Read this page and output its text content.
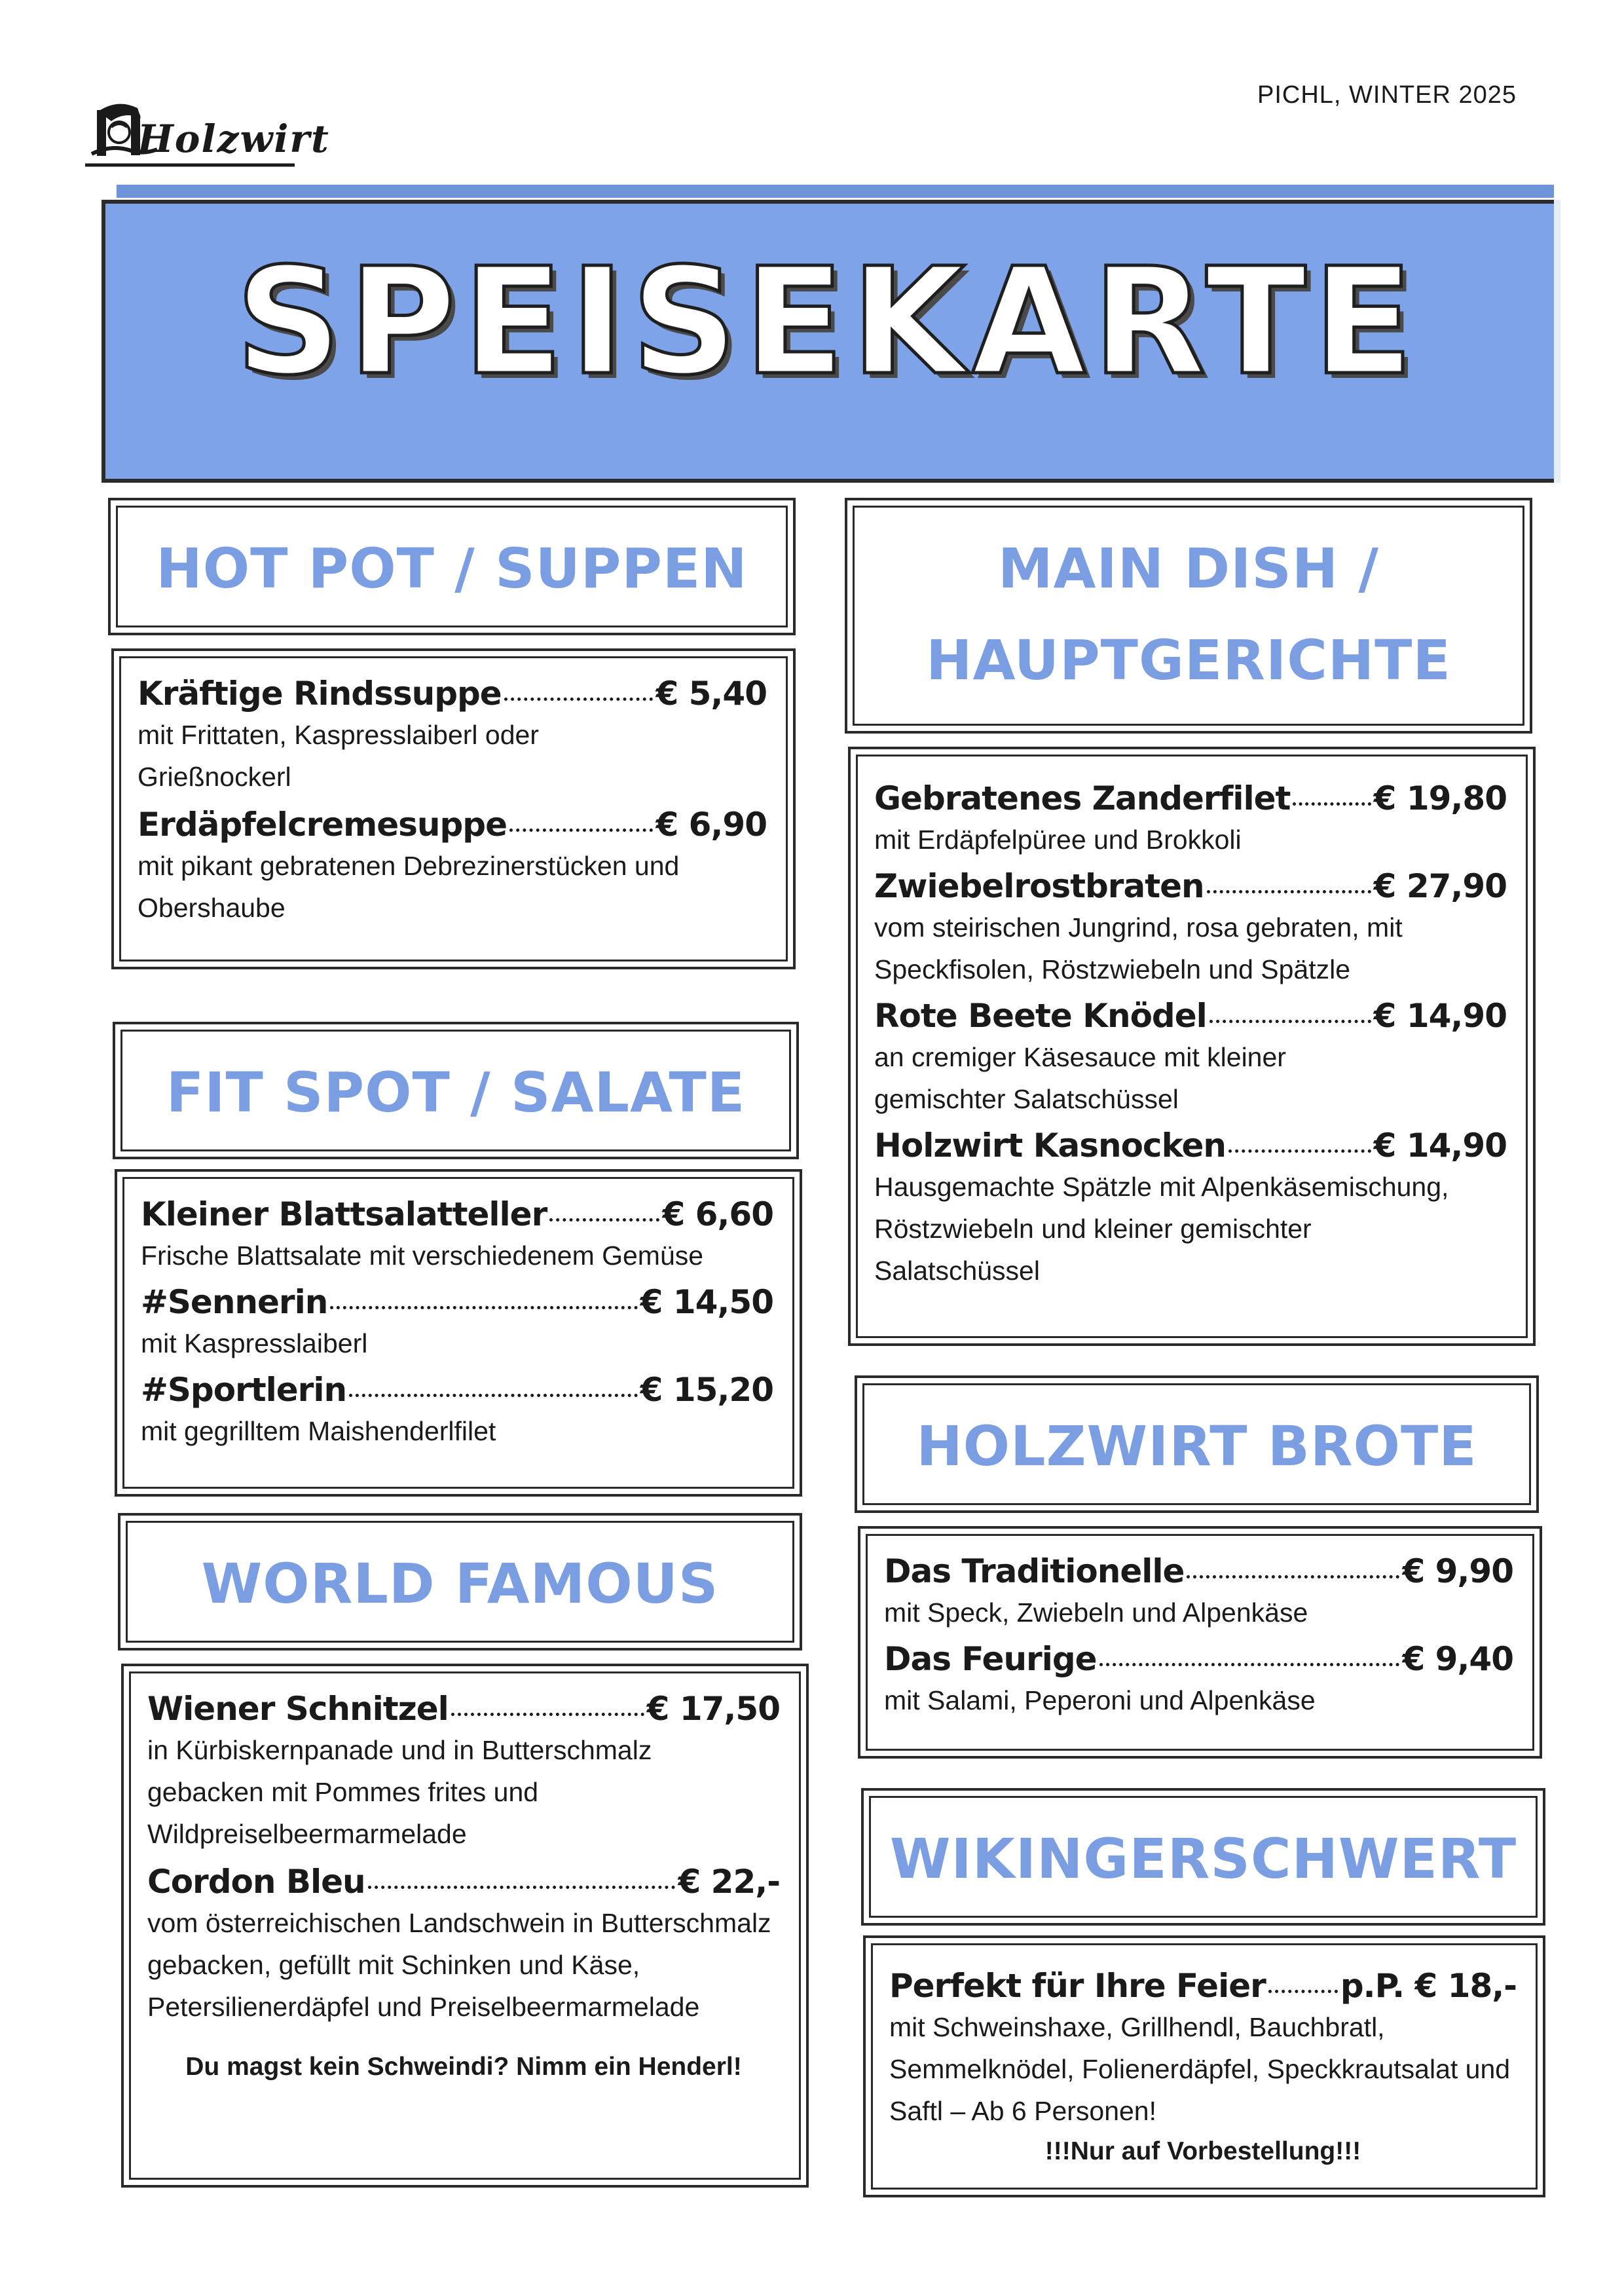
Holzwirt
PICHL, WINTER 2025
SPEISEKARTE
HOT POT / SUPPEN
Kräftige Rindssuppe	€ 5,40
mit Frittaten, Kaspresslaiberl oder Grießnockerl
Erdäpfelcremesuppe	€ 6,90
mit pikant gebratenen Debrezinerstücken und Obershaube
FIT SPOT / SALATE
Kleiner Blattsalatteller	€ 6,60
Frische Blattsalate mit verschiedenem Gemüse
#Sennerin	€ 14,50
mit Kaspresslaiberl
#Sportlerin	€ 15,20
mit gegrilltem Maishenderlfilet
WORLD FAMOUS
Wiener Schnitzel	€ 17,50
in Kürbiskernpanade und in Butterschmalz gebacken mit Pommes frites und Wildpreiselbeermarmelade
Cordon Bleu	€ 22,-
vom österreichischen Landschwein in Butterschmalz gebacken, gefüllt mit Schinken und Käse, Petersilienerdäpfel und Preiselbeermarmelade
Du magst kein Schweindi? Nimm ein Henderl!
MAIN DISH /
HAUPTGERICHTE
Gebratenes Zanderfilet	€ 19,80
mit Erdäpfelpüree und Brokkoli
Zwiebelrostbraten	€ 27,90
vom steirischen Jungrind, rosa gebraten, mit Speckfisolen, Röstzwiebeln und Spätzle
Rote Beete Knödel	€ 14,90
an cremiger Käsesauce mit kleiner gemischter Salatschüssel
Holzwirt Kasnocken	€ 14,90
Hausgemachte Spätzle mit Alpenkäsemischung, Röstzwiebeln und kleiner gemischter Salatschüssel
HOLZWIRT BROTE
Das Traditionelle	€ 9,90
mit Speck, Zwiebeln und Alpenkäse
Das Feurige	€ 9,40
mit Salami, Peperoni und Alpenkäse
WIKINGERSCHWERT
Perfekt für Ihre Feier p.P. € 18,-
mit Schweinshaxe, Grillhendl, Bauchbratl, Semmelknödel, Folienerdäpfel, Speckkrautsalat und Saftl – Ab 6 Personen!
!!!Nur auf Vorbestellung!!!
